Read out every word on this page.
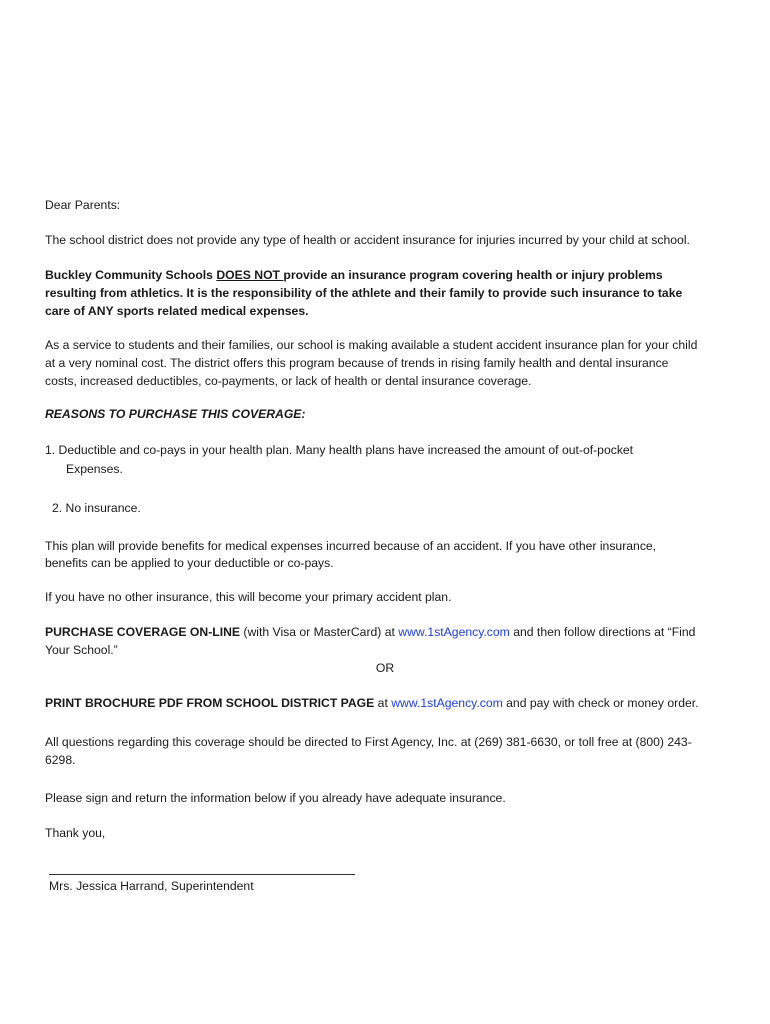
Dear Parents:
The school district does not provide any type of health or accident insurance for injuries incurred by your child at school.
Buckley Community Schools DOES NOT provide an insurance program covering health or injury problems
resulting from athletics. It is the responsibility of the athlete and their family to provide such insurance to take
care of ANY sports related medical expenses.
As a service to students and their families, our school is making available a student accident insurance plan for your child
at a very nominal cost. The district offers this program because of trends in rising family health and dental insurance
costs, increased deductibles, co-payments, or lack of health or dental insurance coverage.
REASONS TO PURCHASE THIS COVERAGE:
1. Deductible and co-pays in your health plan. Many health plans have increased the amount of out-of-pocket
Expenses.
2. No insurance.
This plan will provide benefits for medical expenses incurred because of an accident. If you have other insurance,
benefits can be applied to your deductible or co-pays.
If you have no other insurance, this will become your primary accident plan.
PURCHASE COVERAGE ON-LINE (with Visa or MasterCard) at www.1stAgency.com and then follow directions at “Find
Your School.”
OR
PRINT BROCHURE PDF FROM SCHOOL DISTRICT PAGE at www.1stAgency.com and pay with check or money order.
All questions regarding this coverage should be directed to First Agency, Inc. at (269) 381-6630, or toll free at (800) 243-
6298.
Please sign and return the information below if you already have adequate insurance.
Thank you,
Mrs. Jessica Harrand, Superintendent
